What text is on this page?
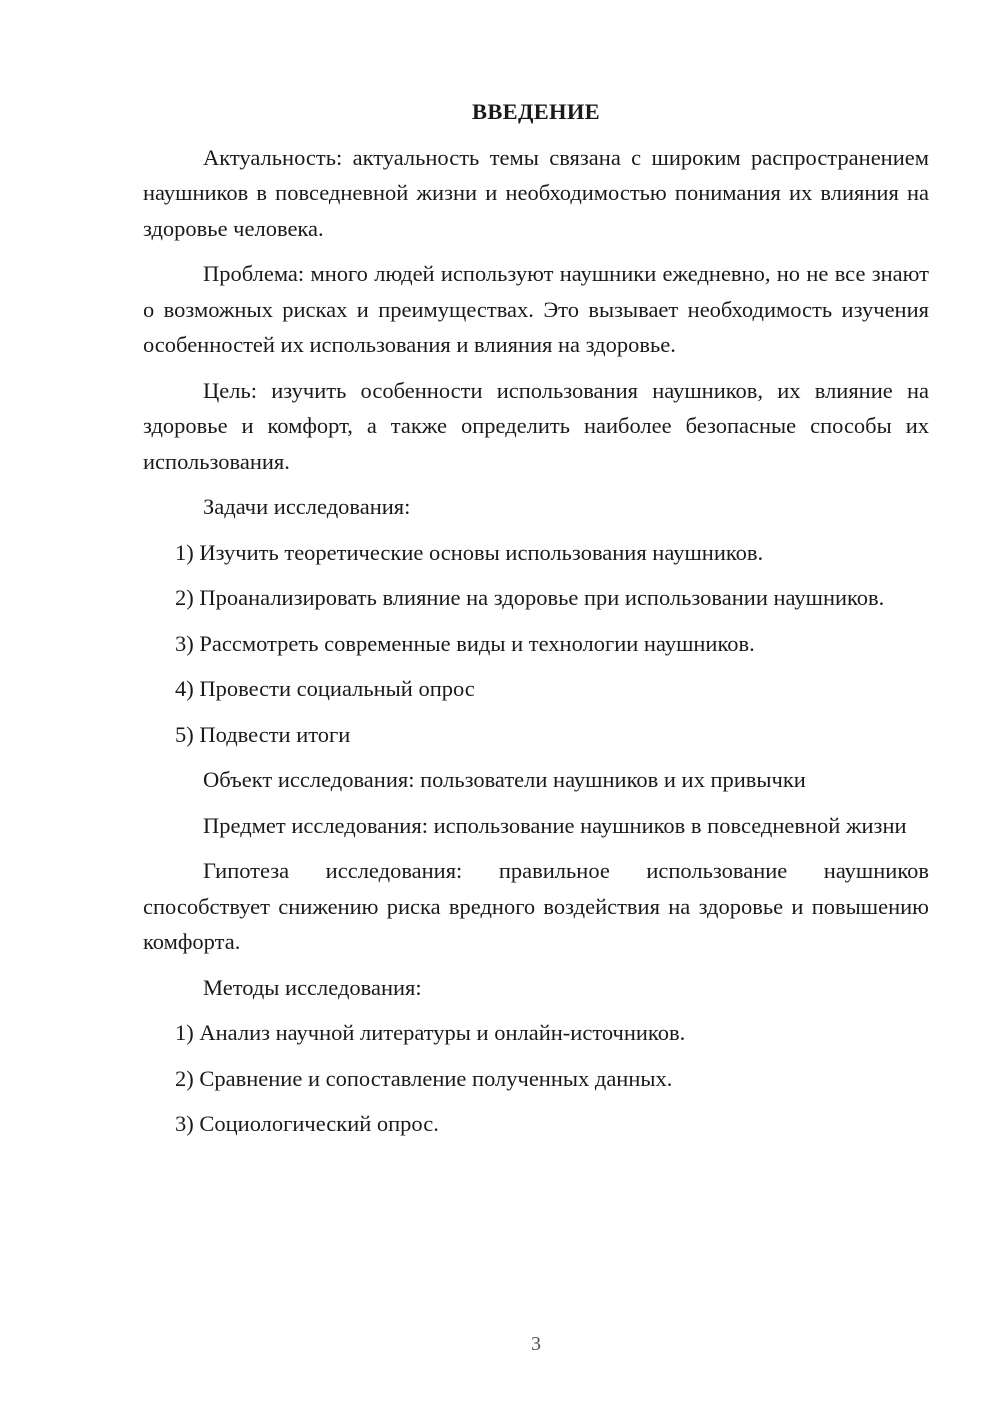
ВВЕДЕНИЕ

Актуальность: актуальность темы связана с широким распространением наушников в повседневной жизни и необходимостью понимания их влияния на здоровье человека.

Проблема: много людей используют наушники ежедневно, но не все знают о возможных рисках и преимуществах. Это вызывает необходимость изучения особенностей их использования и влияния на здоровье.

Цель: изучить особенности использования наушников, их влияние на здоровье и комфорт, а также определить наиболее безопасные способы их использования.

Задачи исследования:

1) Изучить теоретические основы использования наушников.

2) Проанализировать влияние на здоровье при использовании наушников.

3) Рассмотреть современные виды и технологии наушников.

4) Провести социальный опрос

5) Подвести итоги

Объект исследования: пользователи наушников и их привычки

Предмет исследования: использование наушников в повседневной жизни

Гипотеза исследования: правильное использование наушников способствует снижению риска вредного воздействия на здоровье и повышению комфорта.

Методы исследования:

1) Анализ научной литературы и онлайн-источников.

2) Сравнение и сопоставление полученных данных.

3) Социологический опрос.

3
